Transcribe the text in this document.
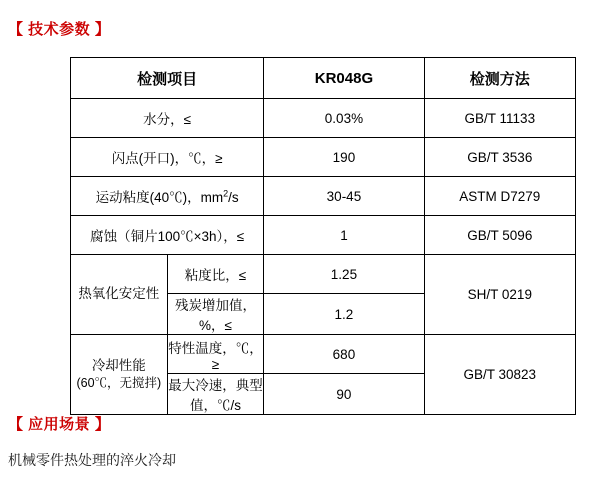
【 技术参数 】
检测项目		KR048G	检测方法
水分，≤		0.03%	GB/T 11133
闪点(开口)，℃，≥		190	GB/T 3536
运动粘度(40℃)，$mm^2/s$		30-45	ASTM D7279
腐蚀（铜片100℃×3h），≤		1	GB/T 5096
热氧化安定性	粘度比，≤	1.25	SH/T 0219
	残炭增加值，%，≤	1.2	

冷却性能
(60℃，无搅拌)	特性温度，℃，≥	680	GB/T 30823
	最大冷速，典型值，℃/s	90	
【 应用场景 】
机械零件热处理的淬火冷却
